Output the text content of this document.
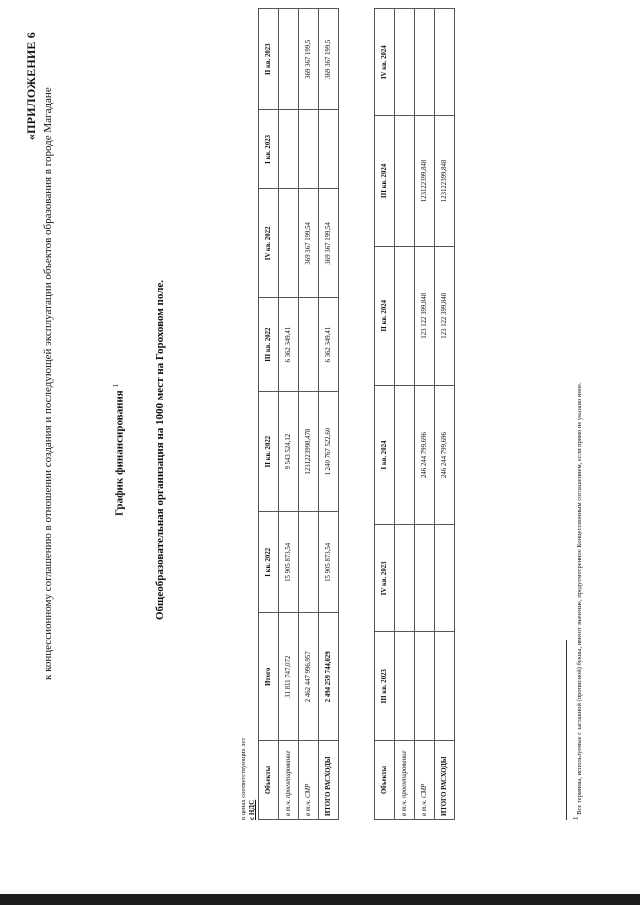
«ПРИЛОЖЕНИЕ 6
к концессионному соглашению в отношении создания и последующей эксплуатации объектов образования в городе Магадане	График финансирования $^1$	Общеобразовательная организация на 1000 мест на Гороховом поле.
в ценах соответствующих лет с НДС
Объекты	Итого	I кв. 2022	II кв. 2022	III кв. 2022	IV кв. 2022	I кв. 2023	II кв. 2023
в т.ч. проектирование	31 811 747,072	15 905 873,54	9 543 524,12	6 362 349,41			
в т.ч. СМР	2 462 447 996,957		1231223998,478		369 367 199,54		369 367 199,5
ИТОГО РАСХОДЫ	2 494 259 744,029	15 905 873,54	1 240 767 522,60	6 362 349,41	369 367 199,54		369 367 199,5
Объекты	III кв. 2023	IV кв. 2023	I кв. 2024	II кв. 2024	III кв. 2024	IV кв. 2024
в т.ч. проектирование						
в т.ч. СМР			246 244 799,696	123 122 399,848	123122399,848	
ИТОГО РАСХОДЫ			246 244 799,696	123 122 399,848	123122399,848	
1 Все термины, используемые с заглавной (прописной) буквы, имеют значение, предусмотренное Концессионным соглашением, если прямо не указано иное.
